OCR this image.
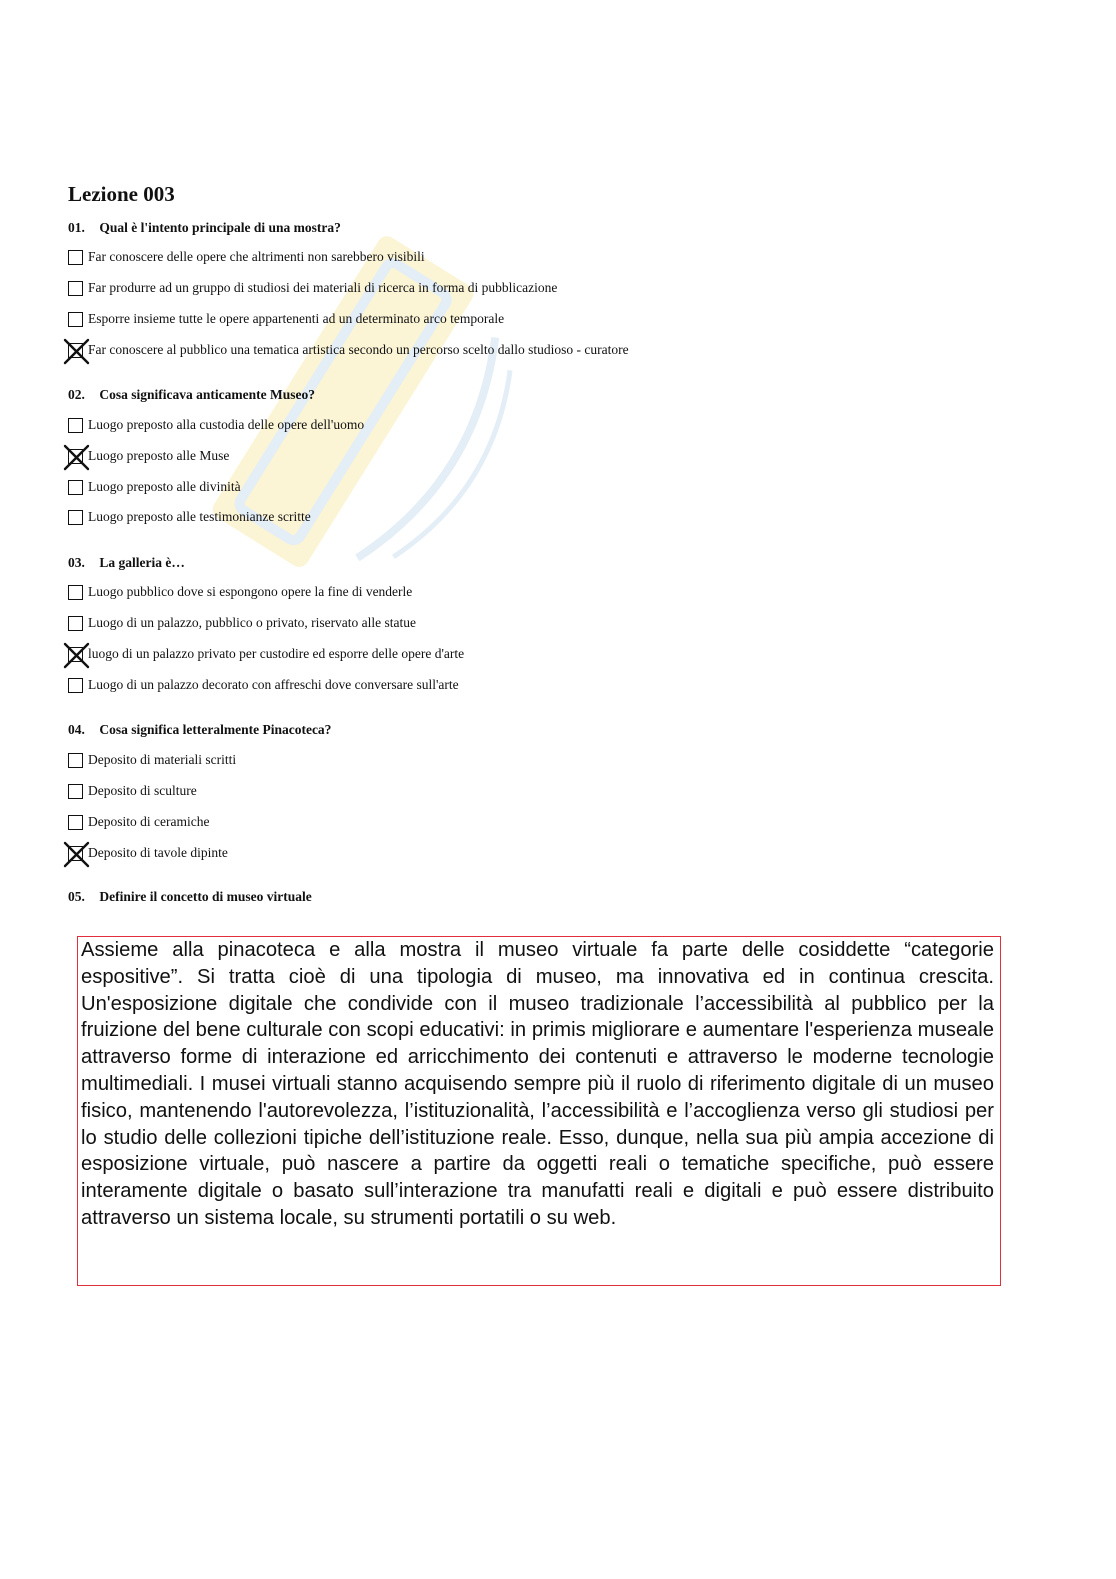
Lezione 003
01. Qual è l'intento principale di una mostra?
Far conoscere delle opere che altrimenti non sarebbero visibili
Far produrre ad un gruppo di studiosi dei materiali di ricerca in forma di pubblicazione
Esporre insieme tutte le opere appartenenti ad un determinato arco temporale
Far conoscere al pubblico una tematica artistica secondo un percorso scelto dallo studioso - curatore
02. Cosa significava anticamente Museo?
Luogo preposto alla custodia delle opere dell'uomo
Luogo preposto alle Muse
Luogo preposto alle divinità
Luogo preposto alle testimonianze scritte
03. La galleria è…
Luogo pubblico dove si espongono opere la fine di venderle
Luogo di un palazzo, pubblico o privato, riservato alle statue
luogo di un palazzo privato per custodire ed esporre delle opere d'arte
Luogo di un palazzo decorato con affreschi dove conversare sull'arte
04. Cosa significa letteralmente Pinacoteca?
Deposito di materiali scritti
Deposito di sculture
Deposito di ceramiche
Deposito di tavole dipinte
05. Definire il concetto di museo virtuale

Assieme alla pinacoteca e alla mostra il museo virtuale fa parte delle cosiddette “categorie espositive”. Si tratta cioè di una tipologia di museo, ma innovativa ed in continua crescita. Un'esposizione digitale che condivide con il museo tradizionale l’accessibilità al pubblico per la fruizione del bene culturale con scopi educativi: in primis migliorare e aumentare l'esperienza museale attraverso forme di interazione ed arricchimento dei contenuti e attraverso le moderne tecnologie multimediali. I musei virtuali stanno acquisendo sempre più il ruolo di riferimento digitale di un museo fisico, mantenendo l'autorevolezza, l’istituzionalità, l’accessibilità e l’accoglienza verso gli studiosi per lo studio delle collezioni tipiche dell’istituzione reale. Esso, dunque, nella sua più ampia accezione di esposizione virtuale, può nascere a partire da oggetti reali o tematiche specifiche, può essere interamente digitale o basato sull’interazione tra manufatti reali e digitali e può essere distribuito attraverso un sistema locale, su strumenti portatili o su web.
